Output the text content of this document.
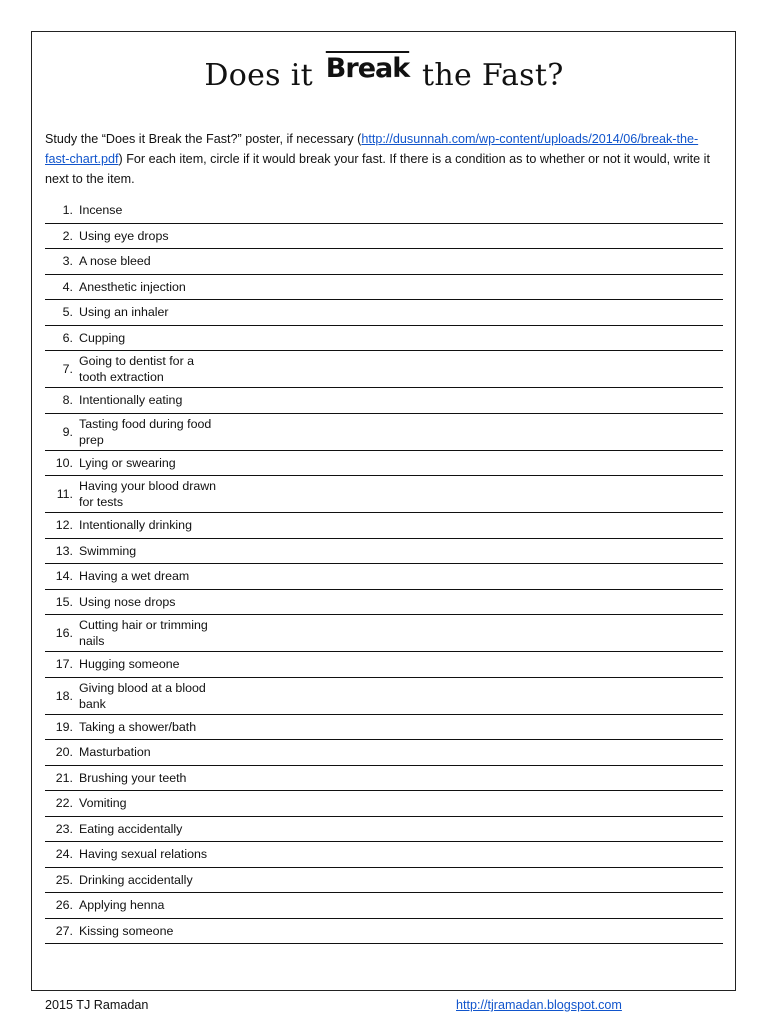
Does it Break the Fast?
Study the “Does it Break the Fast?” poster, if necessary (http://dusunnah.com/wp-content/uploads/2014/06/break-the-fast-chart.pdf) For each item, circle if it would break your fast. If there is a condition as to whether or not it would, write it next to the item.
1. Incense
2. Using eye drops
3. A nose bleed
4. Anesthetic injection
5. Using an inhaler
6. Cupping
7.
Going to dentist for a tooth extraction
8. Intentionally eating
9.
Tasting food during food prep
10. Lying or swearing
11.
Having your blood drawn for tests
12. Intentionally drinking
13. Swimming
14. Having a wet dream
15. Using nose drops
16.
Cutting hair or trimming nails
17. Hugging someone
18.
Giving blood at a blood bank
19. Taking a shower/bath
20. Masturbation
21. Brushing your teeth
22. Vomiting
23. Eating accidentally
24. Having sexual relations
25. Drinking accidentally
26. Applying henna
27. Kissing someone
2015 TJ Ramadan	http://tjramadan.blogspot.com
